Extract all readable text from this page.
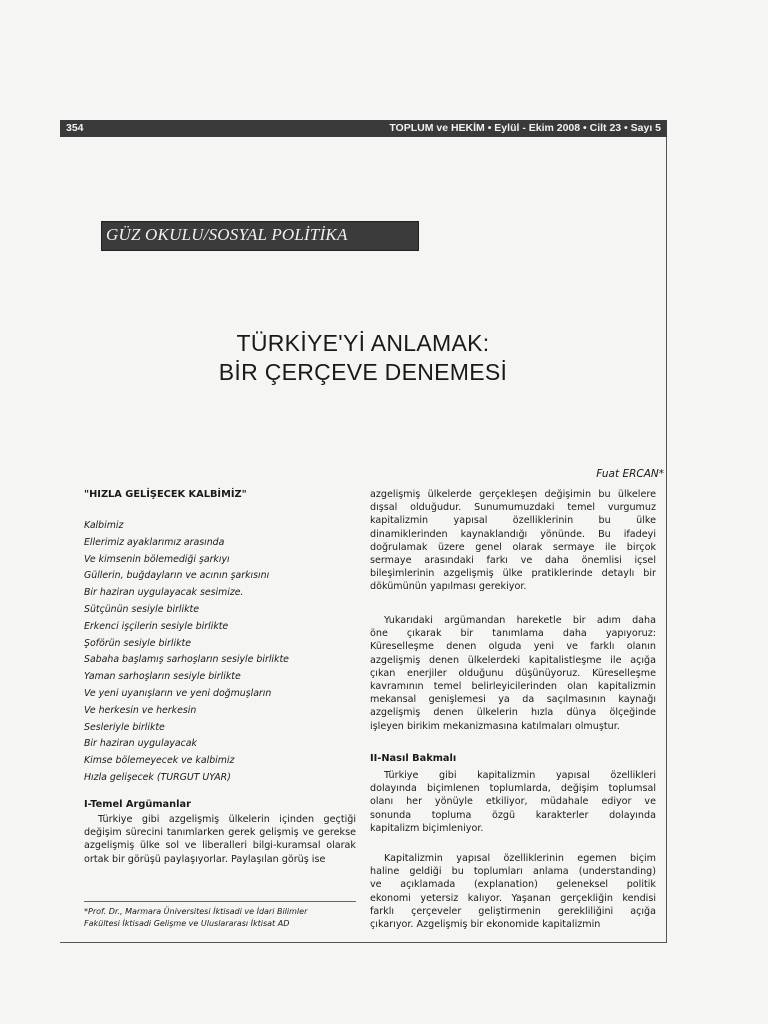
354	TOPLUM ve HEKİM • Eylül - Ekim 2008 • Cilt 23 • Sayı 5
GÜZ OKULU/SOSYAL POLİTİKA
TÜRKİYE'Yİ ANLAMAK:
BİR ÇERÇEVE DENEMESİ
Fuat ERCAN*
"HIZLA GELİŞECEK KALBİMİZ"
Kalbimiz
Ellerimiz ayaklarımız arasında
Ve kimsenin bölemediği şarkıyı
Güllerin, buğdayların ve acının şarkısını
Bir haziran uygulayacak sesimize.
Sütçünün sesiyle birlikte
Erkenci işçilerin sesiyle birlikte
Şoförün sesiyle birlikte
Sabaha başlamış sarhoşların sesiyle birlikte
Yaman sarhoşların sesiyle birlikte
Ve yeni uyanışların ve yeni doğmuşların
Ve herkesin ve herkesin
Sesleriyle birlikte
Bir haziran uygulayacak
Kimse bölemeyecek ve kalbimiz
Hızla gelişecek (TURGUT UYAR)
I-Temel Argümanlar
Türkiye gibi azgelişmiş ülkelerin içinden geçtiği
değişim sürecini tanımlarken gerek gelişmiş ve gerekse
azgelişmiş ülke sol ve liberalleri bilgi-kuramsal olarak
ortak bir görüşü paylaşıyorlar. Paylaşılan görüş ise
*Prof. Dr., Marmara Üniversitesi İktisadi ve İdari Bilimler
Fakültesi İktisadi Gelişme ve Uluslararası İktisat AD
azgelişmiş ülkelerde gerçekleşen değişimin bu ülkelere
dışsal olduğudur. Sunumumuzdaki temel vurgumuz
kapitalizmin yapısal özelliklerinin bu ülke
dinamiklerinden kaynaklandığı yönünde. Bu ifadeyi
doğrulamak üzere genel olarak sermaye ile birçok
sermaye arasındaki farkı ve daha önemlisi içsel
bileşimlerinin azgelişmiş ülke pratiklerinde detaylı bir
dökümünün yapılması gerekiyor.
Yukarıdaki argümandan hareketle bir adım daha
öne çıkarak bir tanımlama daha yapıyoruz:
Küreselleşme denen olguda yeni ve farklı olanın
azgelişmiş denen ülkelerdeki kapitalistleşme ile açığa
çıkan enerjiler olduğunu düşünüyoruz. Küreselleşme
kavramının temel belirleyicilerinden olan kapitalizmin
mekansal genişlemesi ya da saçılmasının kaynağı
azgelişmiş denen ülkelerin hızla dünya ölçeğinde
işleyen birikim mekanizmasına katılmaları olmuştur.
II-Nasıl Bakmalı
Türkiye gibi kapitalizmin yapısal özellikleri
dolayında biçimlenen toplumlarda, değişim toplumsal
olanı her yönüyle etkiliyor, müdahale ediyor ve
sonunda topluma özgü karakterler dolayında
kapitalizm biçimleniyor.
Kapitalizmin yapısal özelliklerinin egemen biçim
haline geldiği bu toplumları anlama (understanding)
ve açıklamada (explanation) geleneksel politik
ekonomi yetersiz kalıyor. Yaşanan gerçekliğin kendisi
farklı çerçeveler geliştirmenin gerekliliğini açığa
çıkarıyor. Azgelişmiş bir ekonomide kapitalizmin
